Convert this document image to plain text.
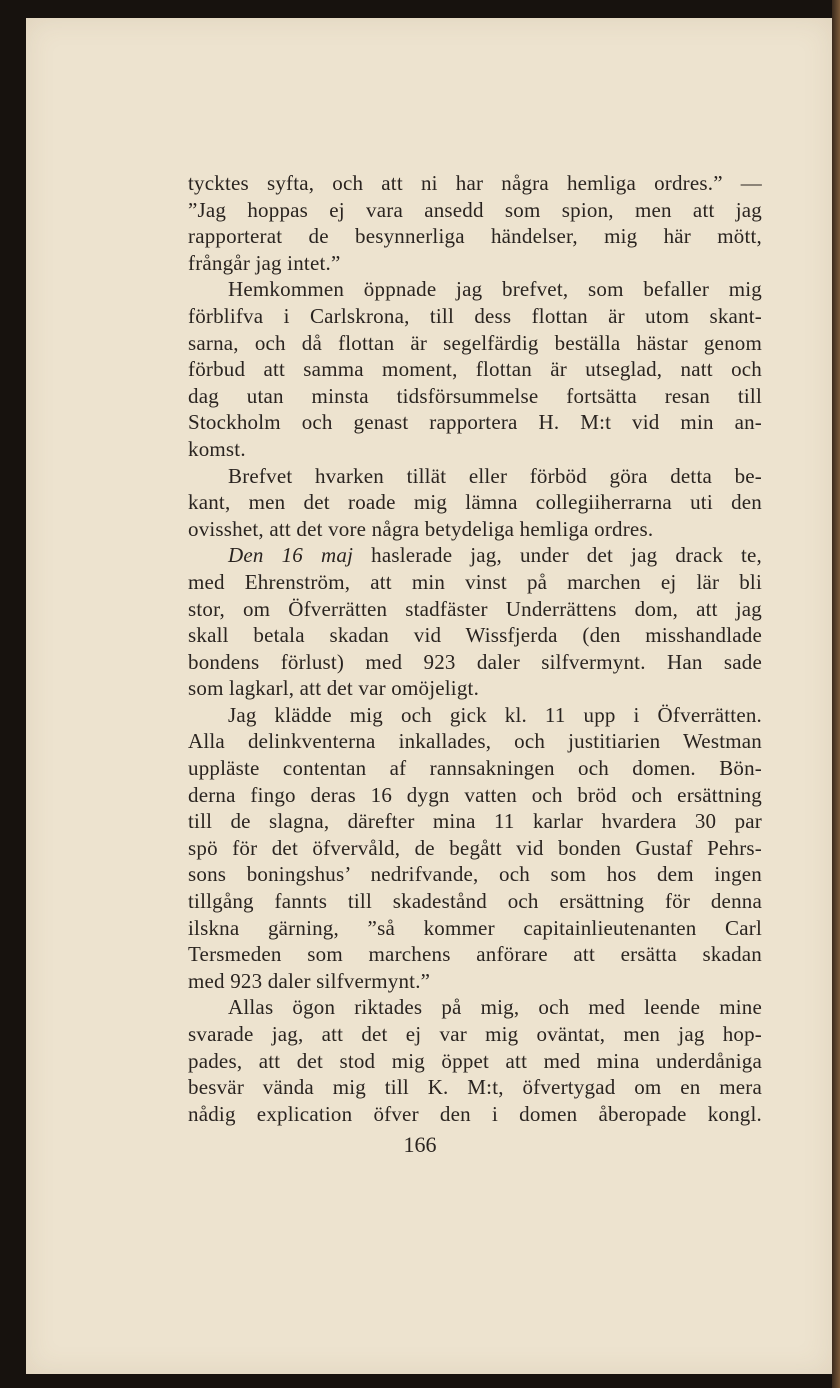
tycktes syfta, och att ni har några hemliga ordres.” —
”Jag hoppas ej vara ansedd som spion, men att jag
rapporterat de besynnerliga händelser, mig här mött,
frångår jag intet.”
Hemkommen öppnade jag brefvet, som befaller mig
förblifva i Carlskrona, till dess flottan är utom skant-
sarna, och då flottan är segelfärdig beställa hästar genom
förbud att samma moment, flottan är utseglad, natt och
dag utan minsta tidsförsummelse fortsätta resan till
Stockholm och genast rapportera H. M:t vid min an-
komst.
Brefvet hvarken tillät eller förböd göra detta be-
kant, men det roade mig lämna collegiiherrarna uti den
ovisshet, att det vore några betydeliga hemliga ordres.
Den 16 maj haslerade jag, under det jag drack te,
med Ehrenström, att min vinst på marchen ej lär bli
stor, om Öfverrätten stadfäster Underrättens dom, att jag
skall betala skadan vid Wissfjerda (den misshandlade
bondens förlust) med 923 daler silfvermynt. Han sade
som lagkarl, att det var omöjeligt.
Jag klädde mig och gick kl. 11 upp i Öfverrätten.
Alla delinkventerna inkallades, och justitiarien Westman
uppläste contentan af rannsakningen och domen. Bön-
derna fingo deras 16 dygn vatten och bröd och ersättning
till de slagna, därefter mina 11 karlar hvardera 30 par
spö för det öfvervåld, de begått vid bonden Gustaf Pehrs-
sons boningshus’ nedrifvande, och som hos dem ingen
tillgång fannts till skadestånd och ersättning för denna
ilskna gärning, ”så kommer capitainlieutenanten Carl
Tersmeden som marchens anförare att ersätta skadan
med 923 daler silfvermynt.”
Allas ögon riktades på mig, och med leende mine
svarade jag, att det ej var mig oväntat, men jag hop-
pades, att det stod mig öppet att med mina underdåniga
besvär vända mig till K. M:t, öfvertygad om en mera
nådig explication öfver den i domen åberopade kongl.
166
